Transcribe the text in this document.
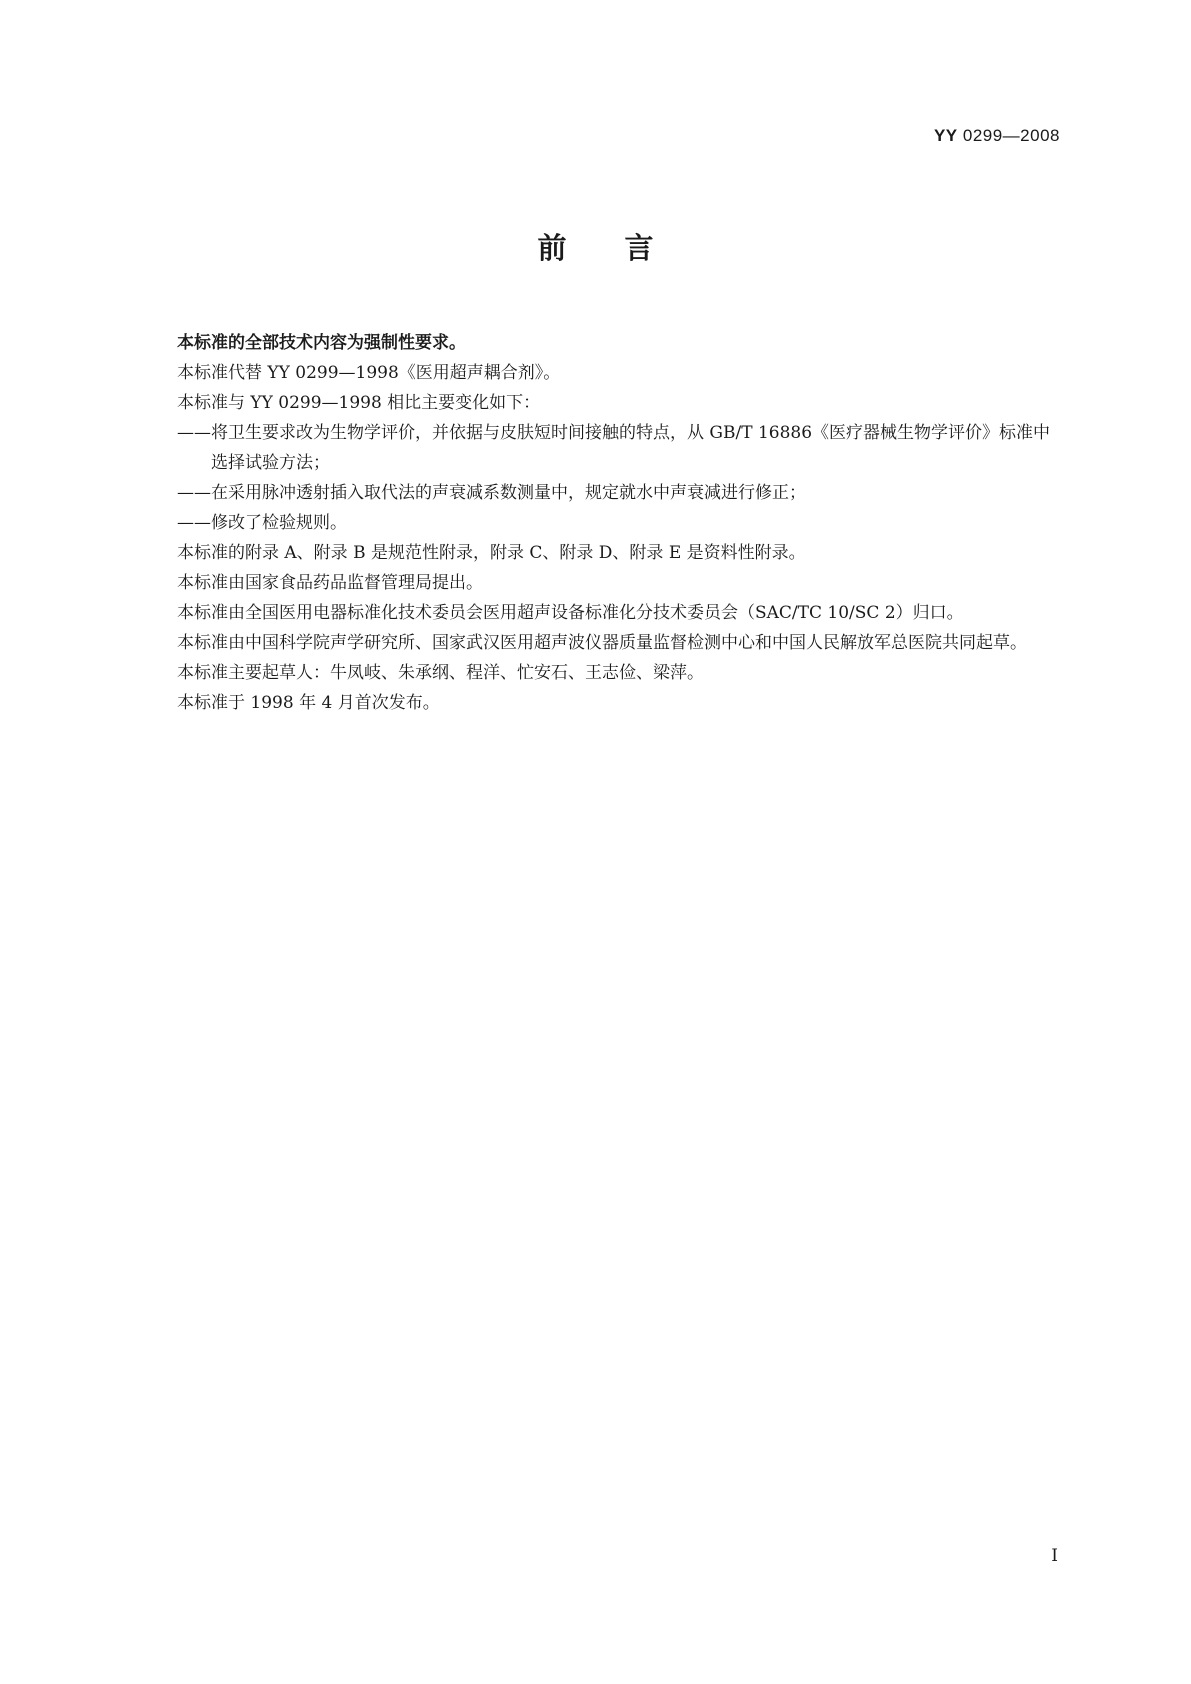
YY 0299—2008
前言

本标准的全部技术内容为强制性要求。

本标准代替 YY 0299—1998《医用超声耦合剂》。

本标准与 YY 0299—1998 相比主要变化如下：

——将卫生要求改为生物学评价，并依据与皮肤短时间接触的特点，从 GB/T 16886《医疗器械生物学评价》标准中选择试验方法；

——在采用脉冲透射插入取代法的声衰减系数测量中，规定就水中声衰减进行修正；

——修改了检验规则。

本标准的附录 A、附录 B 是规范性附录，附录 C、附录 D、附录 E 是资料性附录。

本标准由国家食品药品监督管理局提出。

本标准由全国医用电器标准化技术委员会医用超声设备标准化分技术委员会（SAC/TC 10/SC 2）归口。

本标准由中国科学院声学研究所、国家武汉医用超声波仪器质量监督检测中心和中国人民解放军总医院共同起草。

本标准主要起草人：牛凤岐、朱承纲、程洋、忙安石、王志俭、梁萍。

本标准于 1998 年 4 月首次发布。

I
